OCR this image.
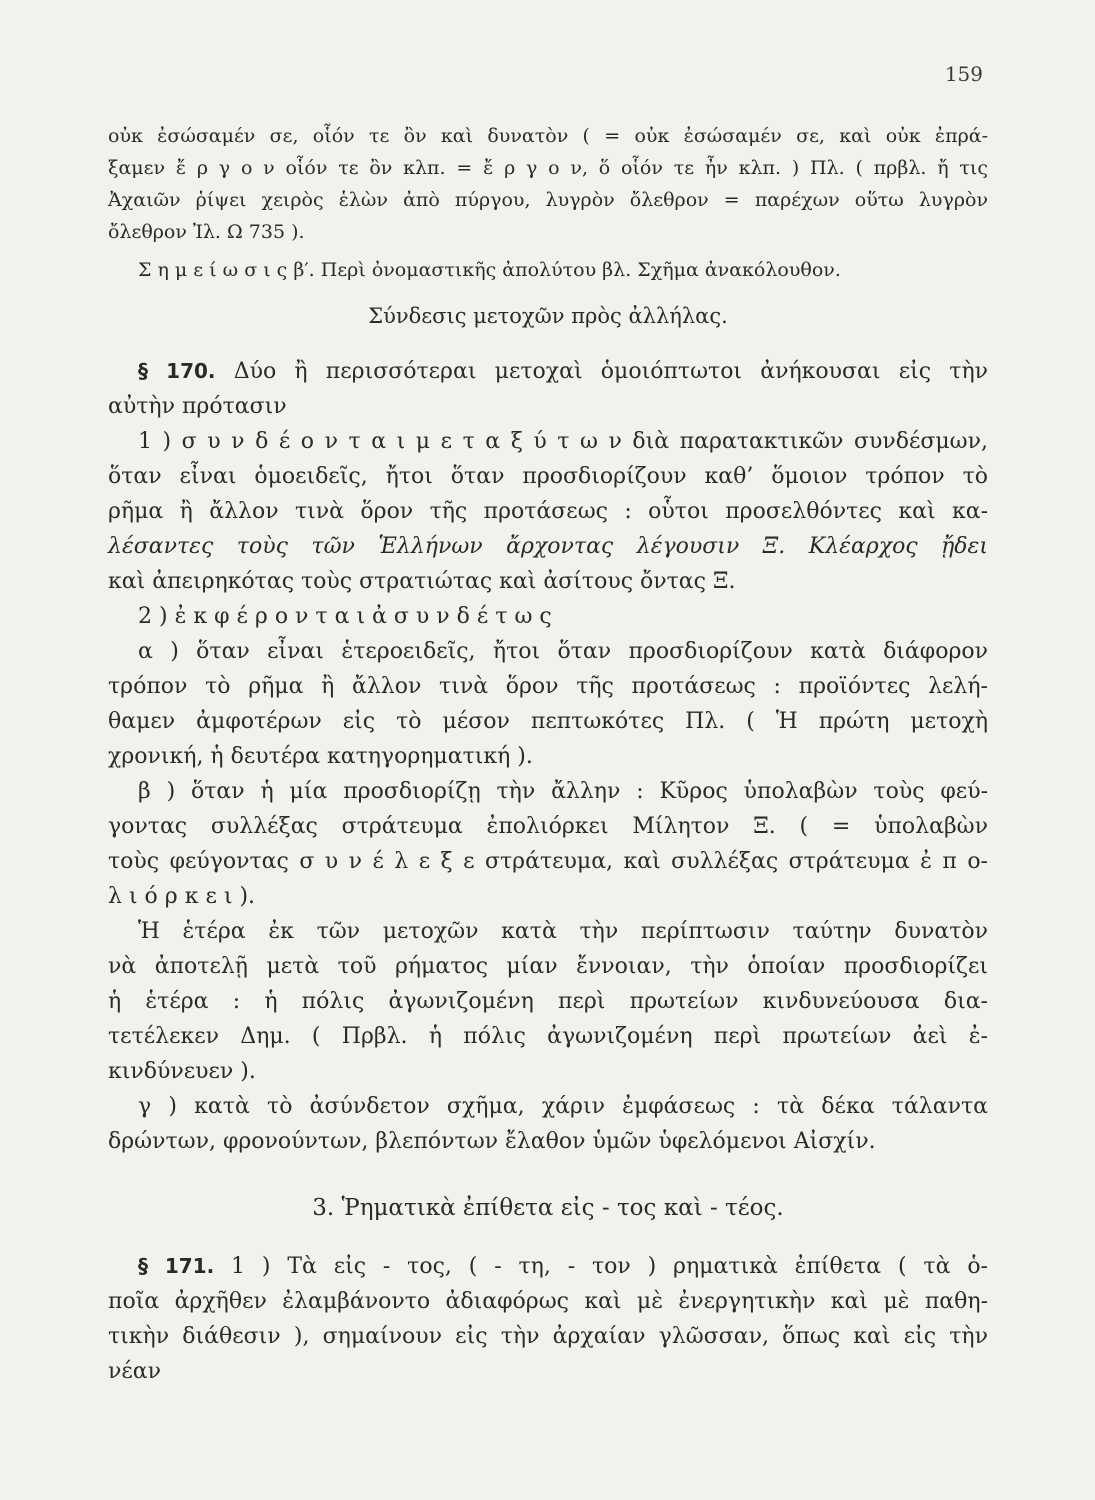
159
οὐκ ἐσώσαμέν σε, οἷόν τε ὂν καὶ δυνατὸν ( = οὐκ ἐσώσαμέν σε, καὶ οὐκ ἐπρά-
ξαμεν ἔ ρ γ ο ν οἷόν τε ὂν κλπ. = ἔ ρ γ ο ν, ὅ οἷόν τε ἦν κλπ. ) Πλ. ( πρβλ. ἤ τις
Ἀχαιῶν ῥίψει χειρὸς ἑλὼν ἀπὸ πύργου, λυγρὸν ὄλεθρον = παρέχων οὕτω λυγρὸν
ὄλεθρον Ἰλ. Ω 735 ).
Σ η μ ε ί ω σ ι ς β′. Περὶ ὀνομαστικῆς ἀπολύτου βλ. Σχῆμα ἀνακόλουθον.
Σύνδεσις μετοχῶν πρὸς ἀλλήλας.
§ 170. Δύο ἢ περισσότεραι μετοχαὶ ὁμοιόπτωτοι ἀνήκουσαι εἰς τὴν
αὐτὴν πρότασιν
1 ) σ υ ν δ έ ο ν τ α ι μ ε τ α ξ ύ τ ω ν διὰ παρατακτικῶν συνδέσμων,
ὅταν εἶναι ὁμοειδεῖς, ἤτοι ὅταν προσδιορίζουν καθ’ ὅμοιον τρόπον τὸ
ρῆμα ἢ ἄλλον τινὰ ὅρον τῆς προτάσεως : οὗτοι προσελθόντες καὶ κα-
λέσαντες τοὺς τῶν Ἑλλήνων ἄρχοντας λέγουσιν Ξ. Κλέαρχος ᾔδει
καὶ ἀπειρηκότας τοὺς στρατιώτας καὶ ἀσίτους ὄντας Ξ.
2 ) ἐ κ φ έ ρ ο ν τ α ι ἀ σ υ ν δ έ τ ω ς
α ) ὅταν εἶναι ἑτεροειδεῖς, ἤτοι ὅταν προσδιορίζουν κατὰ διάφορον
τρόπον τὸ ρῆμα ἢ ἄλλον τινὰ ὅρον τῆς προτάσεως : προϊόντες λελή-
θαμεν ἀμφοτέρων εἰς τὸ μέσον πεπτωκότες Πλ. ( Ἡ πρώτη μετοχὴ
χρονική, ἡ δευτέρα κατηγορηματική ).
β ) ὅταν ἡ μία προσδιορίζῃ τὴν ἄλλην : Κῦρος ὑπολαβὼν τοὺς φεύ-
γοντας συλλέξας στράτευμα ἐπολιόρκει Μίλητον Ξ. ( = ὑπολαβὼν
τοὺς φεύγοντας σ υ ν έ λ ε ξ ε στράτευμα, καὶ συλλέξας στράτευμα ἐ π ο-
λ ι ό ρ κ ε ι ).
Ἡ ἑτέρα ἐκ τῶν μετοχῶν κατὰ τὴν περίπτωσιν ταύτην δυνατὸν
νὰ ἀποτελῇ μετὰ τοῦ ρήματος μίαν ἔννοιαν, τὴν ὁποίαν προσδιορίζει
ἡ ἑτέρα : ἡ πόλις ἀγωνιζομένη περὶ πρωτείων κινδυνεύουσα δια-
τετέλεκεν Δημ. ( Πρβλ. ἡ πόλις ἀγωνιζομένη περὶ πρωτείων ἀεὶ ἐ-
κινδύνευεν ).
γ ) κατὰ τὸ ἀσύνδετον σχῆμα, χάριν ἐμφάσεως : τὰ δέκα τάλαντα
δρώντων, φρονούντων, βλεπόντων ἔλαθον ὑμῶν ὑφελόμενοι Αἰσχίν.
3. Ῥηματικὰ ἐπίθετα εἰς - τος καὶ - τέος.
§ 171. 1 ) Τὰ εἰς - τος, ( - τη, - τον ) ρηματικὰ ἐπίθετα ( τὰ ὁ-
ποῖα ἀρχῆθεν ἐλαμβάνοντο ἀδιαφόρως καὶ μὲ ἐνεργητικὴν καὶ μὲ παθη-
τικὴν διάθεσιν ), σημαίνουν εἰς τὴν ἀρχαίαν γλῶσσαν, ὅπως καὶ εἰς τὴν
νέαν
